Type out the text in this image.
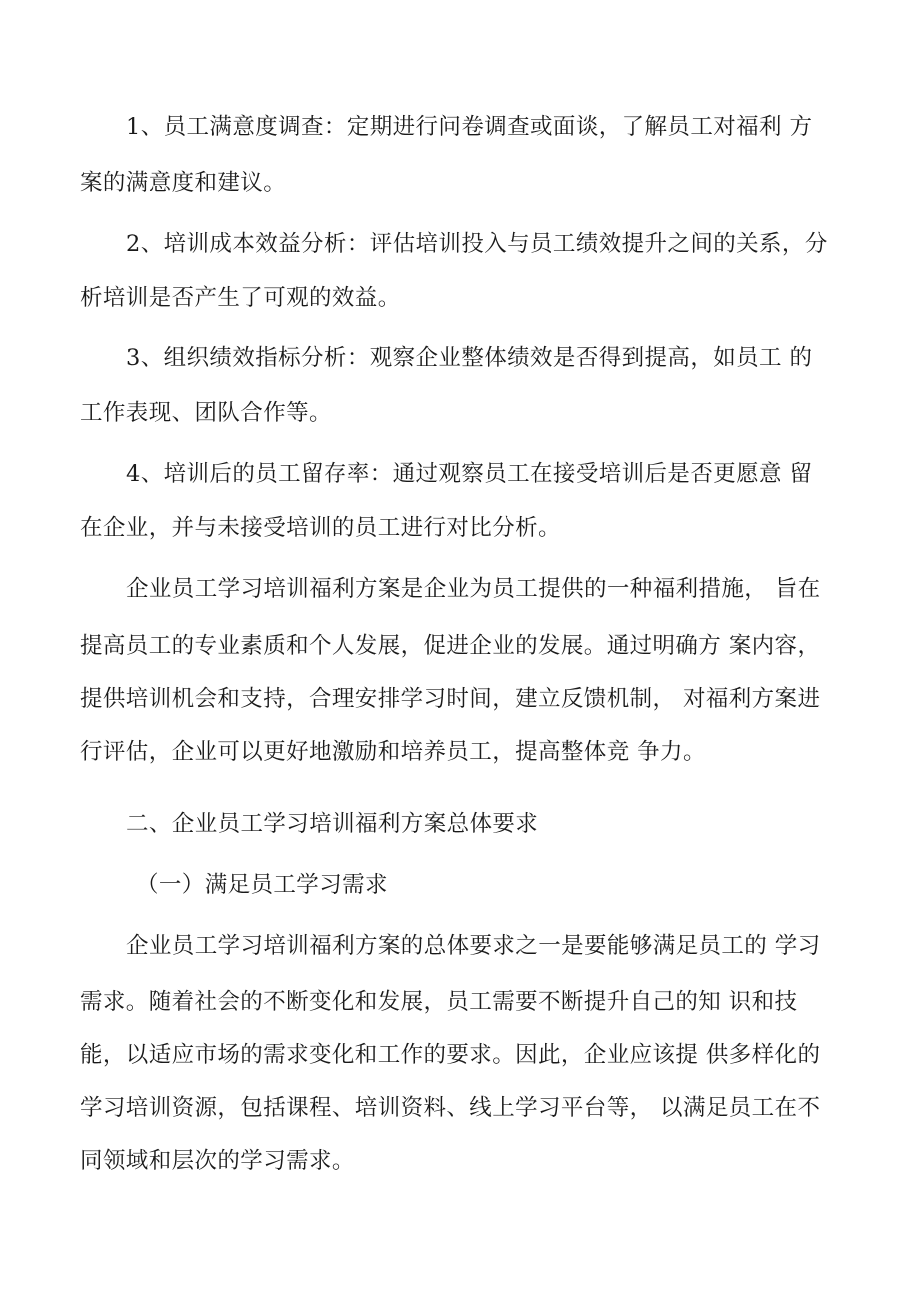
1、员工满意度调查：定期进行问卷调查或面谈，了解员工对福利 方

案的满意度和建议。

2、培训成本效益分析：评估培训投入与员工绩效提升之间的关系，分

析培训是否产生了可观的效益。

3、组织绩效指标分析：观察企业整体绩效是否得到提高，如员工 的

工作表现、团队合作等。

4、培训后的员工留存率：通过观察员工在接受培训后是否更愿意 留

在企业，并与未接受培训的员工进行对比分析。

企业员工学习培训福利方案是企业为员工提供的一种福利措施， 旨在

提高员工的专业素质和个人发展，促进企业的发展。通过明确方 案内容，

提供培训机会和支持，合理安排学习时间，建立反馈机制， 对福利方案进

行评估，企业可以更好地激励和培养员工，提高整体竞 争力。

二、企业员工学习培训福利方案总体要求

（一）满足员工学习需求

企业员工学习培训福利方案的总体要求之一是要能够满足员工的 学习

需求。随着社会的不断变化和发展，员工需要不断提升自己的知 识和技

能，以适应市场的需求变化和工作的要求。因此，企业应该提 供多样化的

学习培训资源，包括课程、培训资料、线上学习平台等， 以满足员工在不

同领域和层次的学习需求。
